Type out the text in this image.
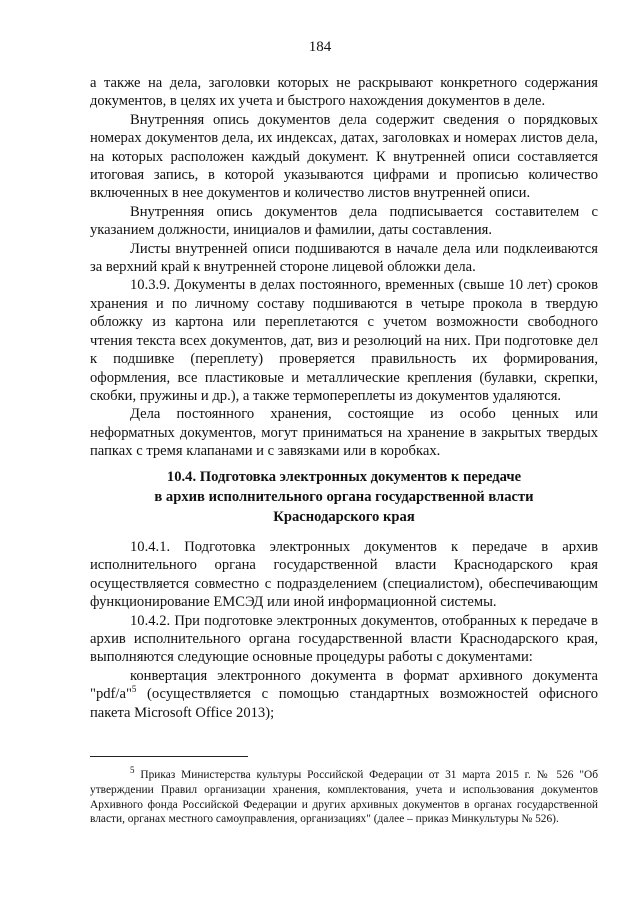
184

а также на дела, заголовки которых не раскрывают конкретного содержания документов, в целях их учета и быстрого нахождения документов в деле.

Внутренняя опись документов дела содержит сведения о порядковых номерах документов дела, их индексах, датах, заголовках и номерах листов дела, на которых расположен каждый документ. К внутренней описи составляется итоговая запись, в которой указываются цифрами и прописью количество включенных в нее документов и количество листов внутренней описи.

Внутренняя опись документов дела подписывается составителем с указанием должности, инициалов и фамилии, даты составления.

Листы внутренней описи подшиваются в начале дела или подклеиваются за верхний край к внутренней стороне лицевой обложки дела.

10.3.9. Документы в делах постоянного, временных (свыше 10 лет) сроков хранения и по личному составу подшиваются в четыре прокола в твердую обложку из картона или переплетаются с учетом возможности свободного чтения текста всех документов, дат, виз и резолюций на них. При подготовке дел к подшивке (переплету) проверяется правильность их формирования, оформления, все пластиковые и металлические крепления (булавки, скрепки, скобки, пружины и др.), а также термопереплеты из документов удаляются.

Дела постоянного хранения, состоящие из особо ценных или неформатных документов, могут приниматься на хранение в закрытых твердых папках с тремя клапанами и с завязками или в коробках.

10.4. Подготовка электронных документов к передаче
в архив исполнительного органа государственной власти
Краснодарского края

10.4.1. Подготовка электронных документов к передаче в архив исполнительного органа государственной власти Краснодарского края осуществляется совместно с подразделением (специалистом), обеспечивающим функционирование ЕМСЭД или иной информационной системы.

10.4.2. При подготовке электронных документов, отобранных к передаче в архив исполнительного органа государственной власти Краснодарского края, выполняются следующие основные процедуры работы с документами:

конвертация электронного документа в формат архивного документа "pdf/a"$^5$ (осуществляется с помощью стандартных возможностей офисного пакета Microsoft Office 2013);

$^5$ Приказ Министерства культуры Российской Федерации от 31 марта 2015 г. № 526 "Об утверждении Правил организации хранения, комплектования, учета и использования документов Архивного фонда Российской Федерации и других архивных документов в органах государственной власти, органах местного самоуправления, организациях" (далее – приказ Минкультуры № 526).
